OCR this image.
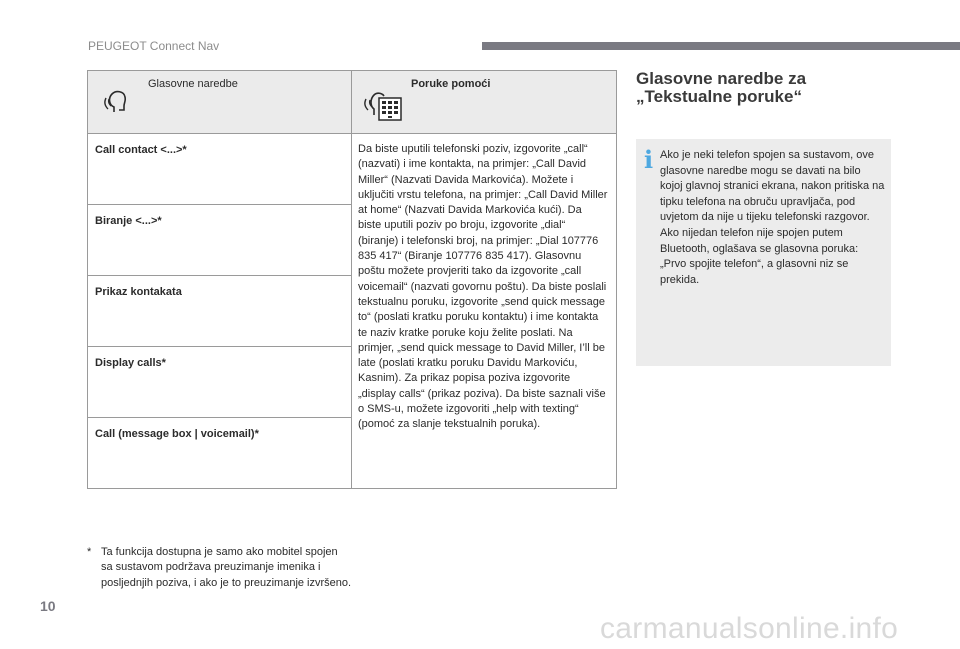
PEUGEOT Connect Nav
Glasovne naredbe	Poruke pomoći

Call contact <...>*	Da biste uputili telefonski poziv, izgovorite „call“ (nazvati) i ime kontakta, na primjer: „Call David Miller“ (Nazvati Davida Markovića). Možete i uključiti vrstu telefona, na primjer: „Call David Miller at home“ (Nazvati Davida Markovića kući). Da biste uputili poziv po broju, izgovorite „dial“ (biranje) i telefonski broj, na primjer: „Dial 107776 835 417“ (Biranje 107776 835 417). Glasovnu poštu možete provjeriti tako da izgovorite „call voicemail“ (nazvati govornu poštu). Da biste poslali tekstualnu poruku, izgovorite „send quick message to“ (poslati kratku poruku kontaktu) i ime kontakta te naziv kratke poruke koju želite poslati. Na primjer, „send quick message to David Miller, I’ll be late (poslati kratku poruku Davidu Markoviću, Kasnim). Za prikaz popisa poziva izgovorite „display calls“ (prikaz poziva). Da biste saznali više o SMS-u, možete izgovoriti „help with texting“ (pomoć za slanje tekstualnih poruka).

Biranje <...>*	

Prikaz kontakata	

Display calls*	

Call (message box | voicemail)*	
* Ta funkcija dostupna je samo ako mobitel spojen sa sustavom podržava preuzimanje imenika i posljednjih poziva, i ako je to preuzimanje izvršeno.
Glasovne naredbe za
„Tekstualne poruke“
i Ako je neki telefon spojen sa sustavom, ove glasovne naredbe mogu se davati na bilo kojoj glavnoj stranici ekrana, nakon pritiska na tipku telefona na obruču upravljača, pod uvjetom da nije u tijeku telefonski razgovor.

Ako nijedan telefon nije spojen putem Bluetooth, oglašava se glasovna poruka: „Prvo spojite telefon“, a glasovni niz se prekida.

10
carmanualsonline.info
